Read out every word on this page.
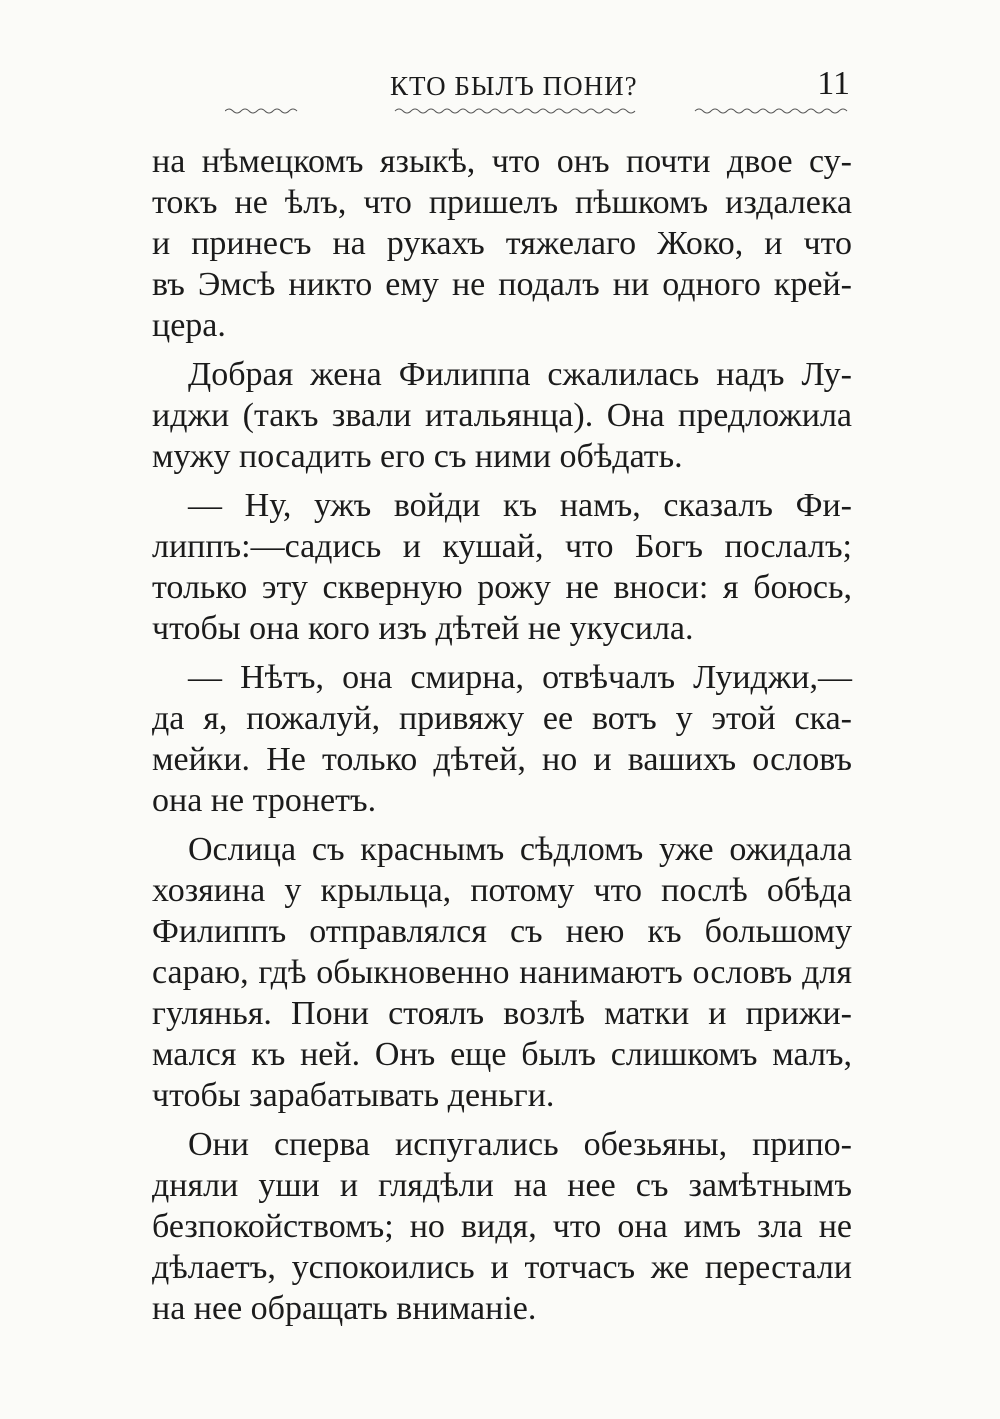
КТО БЫЛЪ ПОНИ?	11
на нѣмецкомъ языкѣ, что онъ почти двое су-
токъ не ѣлъ, что пришелъ пѣшкомъ издалека
и принесъ на рукахъ тяжелаго Жоко, и что
въ Эмсѣ никто ему не подалъ ни одного крей-
цера.
Добрая жена Филиппа сжалилась надъ Лу-
иджи (такъ звали итальянца). Она предложила
мужу посадить его съ ними обѣдать.
— Ну, ужъ войди къ намъ, сказалъ Фи-
липпъ:—садись и кушай, что Богъ послалъ;
только эту скверную рожу не вноси: я боюсь,
чтобы она кого изъ дѣтей не укусила.
— Нѣтъ, она смирна, отвѣчалъ Луиджи,—
да я, пожалуй, привяжу ее вотъ у этой ска-
мейки. Не только дѣтей, но и вашихъ ословъ
она не тронетъ.
Ослица съ краснымъ сѣдломъ уже ожидала
хозяина у крыльца, потому что послѣ обѣда
Филиппъ отправлялся съ нею къ большому
сараю, гдѣ обыкновенно нанимаютъ ословъ для
гулянья. Пони стоялъ возлѣ матки и прижи-
мался къ ней. Онъ еще былъ слишкомъ малъ,
чтобы зарабатывать деньги.
Они сперва испугались обезьяны, припо-
дняли уши и глядѣли на нее съ замѣтнымъ
безпокойствомъ; но видя, что она имъ зла не
дѣлаетъ, успокоились и тотчасъ же перестали
на нее обращать вниманіе.
